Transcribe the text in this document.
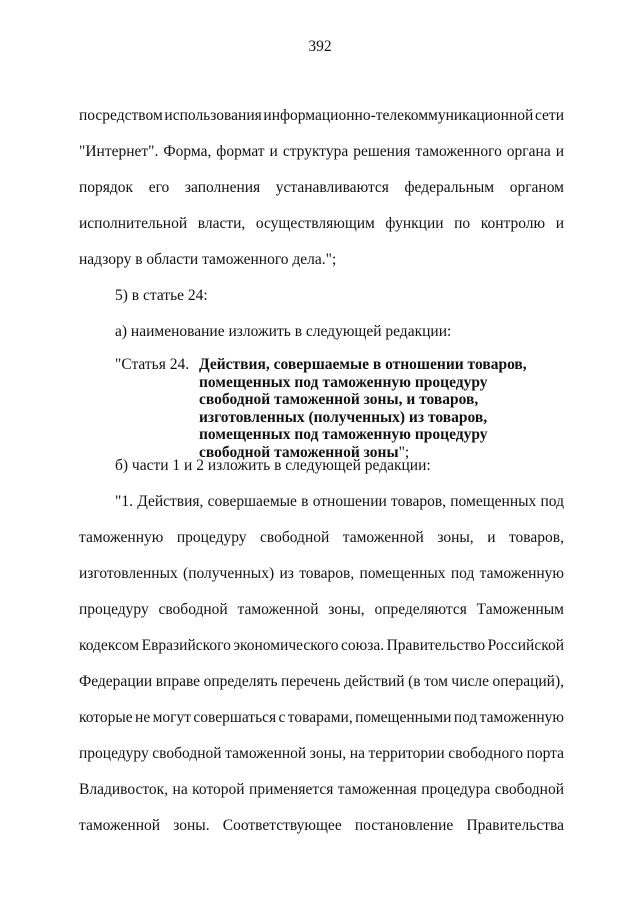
392
посредством использования информационно-телекоммуникационной сети
"Интернет". Форма, формат и структура решения таможенного органа и
порядок его заполнения устанавливаются федеральным органом
исполнительной власти, осуществляющим функции по контролю и
надзору в области таможенного дела.";
5) в статье 24:
а) наименование изложить в следующей редакции:
"Статья 24. Действия, совершаемые в отношении товаров,
помещенных под таможенную процедуру
свободной таможенной зоны, и товаров,
изготовленных (полученных) из товаров,
помещенных под таможенную процедуру
свободной таможенной зоны";
б) части 1 и 2 изложить в следующей редакции:
"1. Действия, совершаемые в отношении товаров, помещенных под
таможенную процедуру свободной таможенной зоны, и товаров,
изготовленных (полученных) из товаров, помещенных под таможенную
процедуру свободной таможенной зоны, определяются Таможенным
кодексом Евразийского экономического союза. Правительство Российской
Федерации вправе определять перечень действий (в том числе операций),
которые не могут совершаться с товарами, помещенными под таможенную
процедуру свободной таможенной зоны, на территории свободного порта
Владивосток, на которой применяется таможенная процедура свободной
таможенной зоны. Соответствующее постановление Правительства
